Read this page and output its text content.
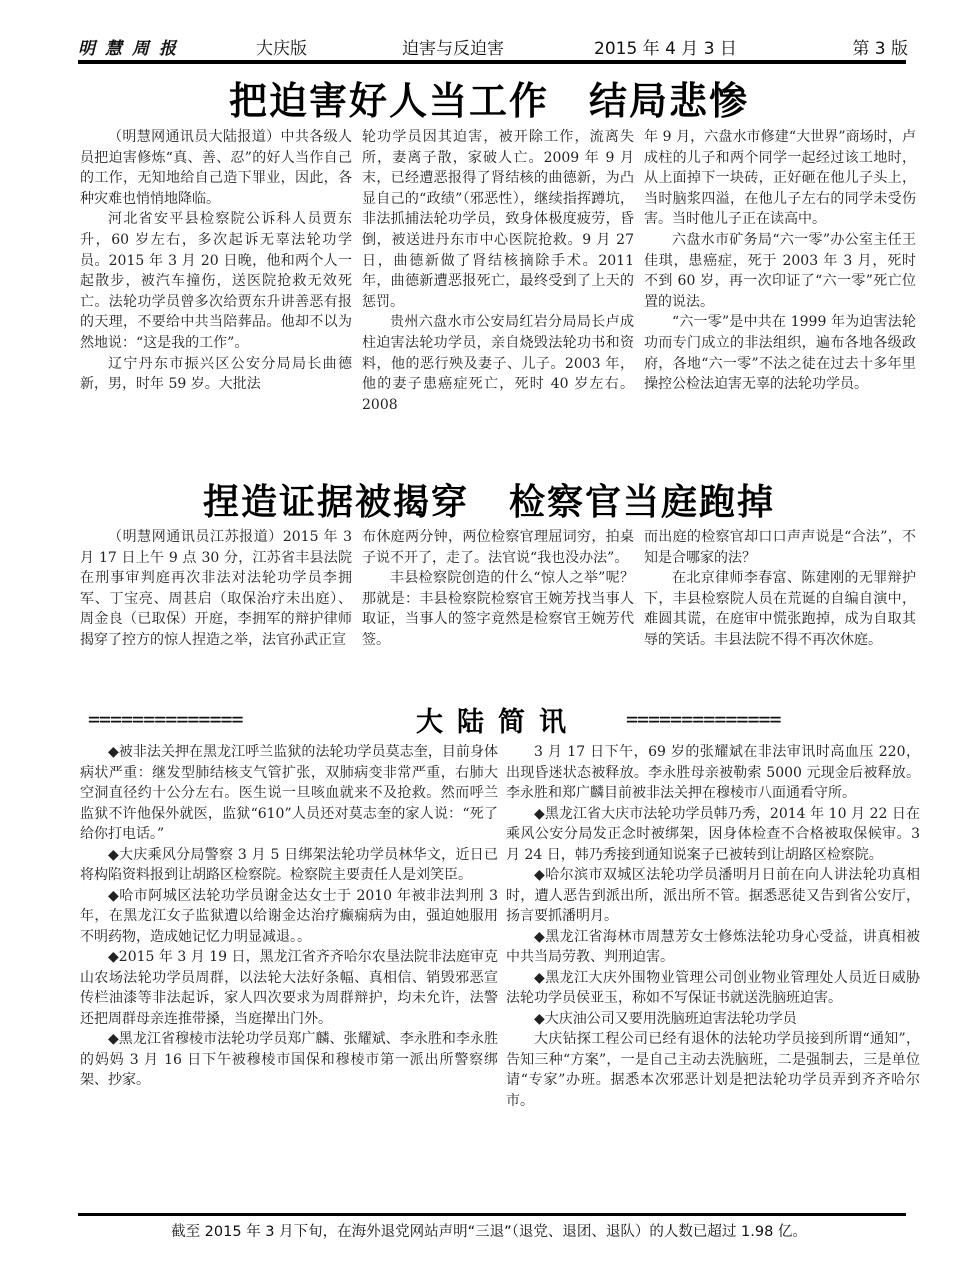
明慧周报	大庆版	迫害与反迫害	2015 年 4 月 3 日	第 3 版
把迫害好人当工作 结局悲惨

（明慧网通讯员大陆报道）中共各级人员把迫害修炼“真、善、忍”的好人当作自己的工作，无知地给自己造下罪业，因此，各种灾难也悄悄地降临。

河北省安平县检察院公诉科人员贾东升，60 岁左右，多次起诉无辜法轮功学员。2015 年 3 月 20 日晚，他和两个人一起散步，被汽车撞伤，送医院抢救无效死亡。法轮功学员曾多次给贾东升讲善恶有报的天理，不要给中共当陪葬品。他却不以为然地说：“这是我的工作”。

辽宁丹东市振兴区公安分局局长曲德新，男，时年 59 岁。大批法

轮功学员因其迫害，被开除工作，流离失所，妻离子散，家破人亡。2009 年 9 月末，已经遭恶报得了肾结核的曲德新，为凸显自己的“政绩”（邪恶性），继续指挥蹲坑，非法抓捕法轮功学员，致身体极度疲劳，昏倒，被送进丹东市中心医院抢救。9 月 27 日，曲德新做了肾结核摘除手术。2011 年，曲德新遭恶报死亡，最终受到了上天的惩罚。

贵州六盘水市公安局红岩分局局长卢成柱迫害法轮功学员，亲自烧毁法轮功书和资料，他的恶行殃及妻子、儿子。2003 年，他的妻子患癌症死亡，死时 40 岁左右。2008

年 9 月，六盘水市修建“大世界”商场时，卢成柱的儿子和两个同学一起经过该工地时，从上面掉下一块砖，正好砸在他儿子头上，当时脑浆四溢，在他儿子左右的同学未受伤害。当时他儿子正在读高中。

六盘水市矿务局“六一零”办公室主任王佳琪，患癌症，死于 2003 年 3 月，死时不到 60 岁，再一次印证了“六一零”死亡位置的说法。

“六一零”是中共在 1999 年为迫害法轮功而专门成立的非法组织，遍布各地各级政府，各地“六一零”不法之徒在过去十多年里操控公检法迫害无辜的法轮功学员。

捏造证据被揭穿 检察官当庭跑掉

（明慧网通讯员江苏报道）2015 年 3 月 17 日上午 9 点 30 分，江苏省丰县法院在刑事审判庭再次非法对法轮功学员李拥军、丁宝亮、周甚启（取保治疗未出庭）、周金良（已取保）开庭，李拥军的辩护律师揭穿了控方的惊人捏造之举，法官孙武正宣

布休庭两分钟，两位检察官理屈词穷，拍桌子说不开了，走了。法官说“我也没办法”。

丰县检察院创造的什么“惊人之举”呢？那就是：丰县检察院检察官王婉芳找当事人取证，当事人的签字竟然是检察官王婉芳代签。

而出庭的检察官却口口声声说是“合法”，不知是合哪家的法？

在北京律师李春富、陈建刚的无罪辩护下，丰县检察院人员在荒诞的自编自演中，难圆其谎，在庭审中慌张跑掉，成为自取其辱的笑话。丰县法院不得不再次休庭。

==============	大陆简讯 ==============

◆被非法关押在黑龙江呼兰监狱的法轮功学员莫志奎，目前身体病状严重：继发型肺结核支气管扩张，双肺病变非常严重，右肺大空洞直径约十公分左右。医生说一旦咳血就来不及抢救。然而呼兰监狱不许他保外就医，监狱“610”人员还对莫志奎的家人说：“死了给你打电话。”

◆大庆乘风分局警察 3 月 5 日绑架法轮功学员林华文，近日已将构陷资料报到让胡路区检察院。检察院主要责任人是刘笑臣。

◆哈市阿城区法轮功学员谢金达女士于 2010 年被非法判刑 3 年，在黑龙江女子监狱遭以给谢金达治疗癫痫病为由，强迫她服用不明药物，造成她记忆力明显减退。。

◆2015 年 3 月 19 日，黑龙江省齐齐哈尔农垦法院非法庭审克山农场法轮功学员周群，以法轮大法好条幅、真相信、销毁邪恶宣传栏油漆等非法起诉，家人四次要求为周群辩护，均未允许，法警还把周群母亲连推带搡，当庭撵出门外。

◆黑龙江省穆棱市法轮功学员郑广麟、张耀斌、李永胜和李永胜的妈妈 3 月 16 日下午被穆棱市国保和穆棱市第一派出所警察绑架、抄家。

3 月 17 日下午，69 岁的张耀斌在非法审讯时高血压 220，出现昏迷状态被释放。李永胜母亲被勒索 5000 元现金后被释放。李永胜和郑广麟目前被非法关押在穆棱市八面通看守所。

◆黑龙江省大庆市法轮功学员韩乃秀，2014 年 10 月 22 日在乘风公安分局发正念时被绑架，因身体检查不合格被取保候审。3 月 24 日，韩乃秀接到通知说案子已被转到让胡路区检察院。

◆哈尔滨市双城区法轮功学员潘明月日前在向人讲法轮功真相时，遭人恶告到派出所，派出所不管。据悉恶徒又告到省公安厅，扬言要抓潘明月。

◆黑龙江省海林市周慧芳女士修炼法轮功身心受益，讲真相被中共当局劳教、判刑迫害。

◆黑龙江大庆外围物业管理公司创业物业管理处人员近日威胁法轮功学员侯亚玉，称如不写保证书就送洗脑班迫害。

◆大庆油公司又要用洗脑班迫害法轮功学员

大庆钻探工程公司已经有退休的法轮功学员接到所谓“通知”，告知三种“方案”，一是自己主动去洗脑班，二是强制去，三是单位请“专家”办班。据悉本次邪恶计划是把法轮功学员弄到齐齐哈尔市。

截至 2015 年 3 月下旬，在海外退党网站声明“三退”（退党、退团、退队）的人数已超过 1.98 亿。
